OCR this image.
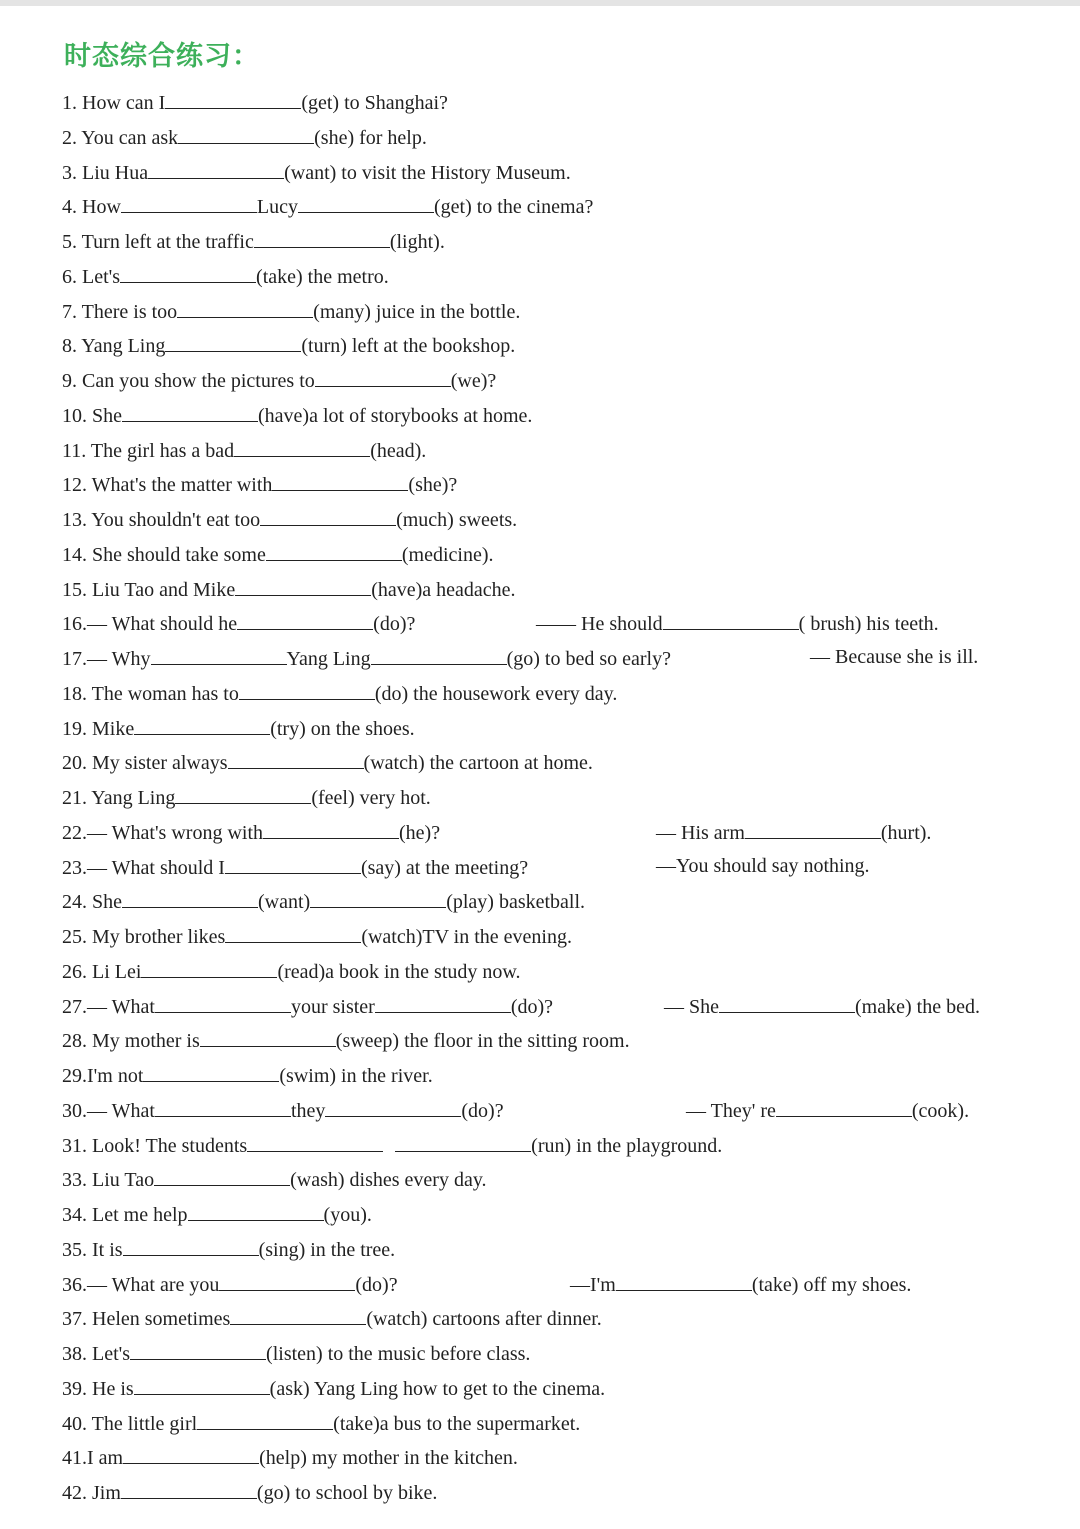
时态综合练习：
1. How can I	(get) to Shanghai?
2. You can ask	(she) for help.
3. Liu Hua	(want) to visit the History Museum.
4. How	Lucy	(get) to the cinema?
5. Turn left at the traffic	(light).
6. Let's	(take) the metro.
7. There is too	(many) juice in the bottle.
8. Yang Ling	(turn) left at the bookshop.
9. Can you show the pictures to	(we)?
10. She	(have)a lot of storybooks at home.
11. The girl has a bad	(head).
12. What's the matter with	(she)?
13. You shouldn't eat too	(much) sweets.
14. She should take some	(medicine).
15. Liu Tao and Mike	(have)a headache.
16.— What should he	(do)?	—— He should	( brush) his teeth.
17.— Why	Yang Ling	(go) to bed so early?	— Because she is ill.
18. The woman has to	(do) the housework every day.
19. Mike	(try) on the shoes.
20. My sister always	(watch) the cartoon at home.
21. Yang Ling	(feel) very hot.
22.— What's wrong with	(he)?	— His arm	(hurt).
23.— What should I	(say) at the meeting?	—You should say nothing.
24. She	(want)	(play) basketball.
25. My brother likes	(watch)TV in the evening.
26. Li Lei	(read)a book in the study now.
27.— What	your sister	(do)?	— She	(make) the bed.
28. My mother is	(sweep) the floor in the sitting room.
29.I'm not	(swim) in the river.
30.— What	they	(do)?	— They' re	(cook).
31. Look! The students	(run) in the playground.
33. Liu Tao	(wash) dishes every day.
34. Let me help	(you).
35. It is	(sing) in the tree.
36.— What are you	(do)?	—I'm	(take) off my shoes.
37. Helen sometimes	(watch) cartoons after dinner.
38. Let's	(listen) to the music before class.
39. He is	(ask) Yang Ling how to get to the cinema.
40. The little girl	(take)a bus to the supermarket.
41.I am	(help) my mother in the kitchen.
42. Jim	(go) to school by bike.
